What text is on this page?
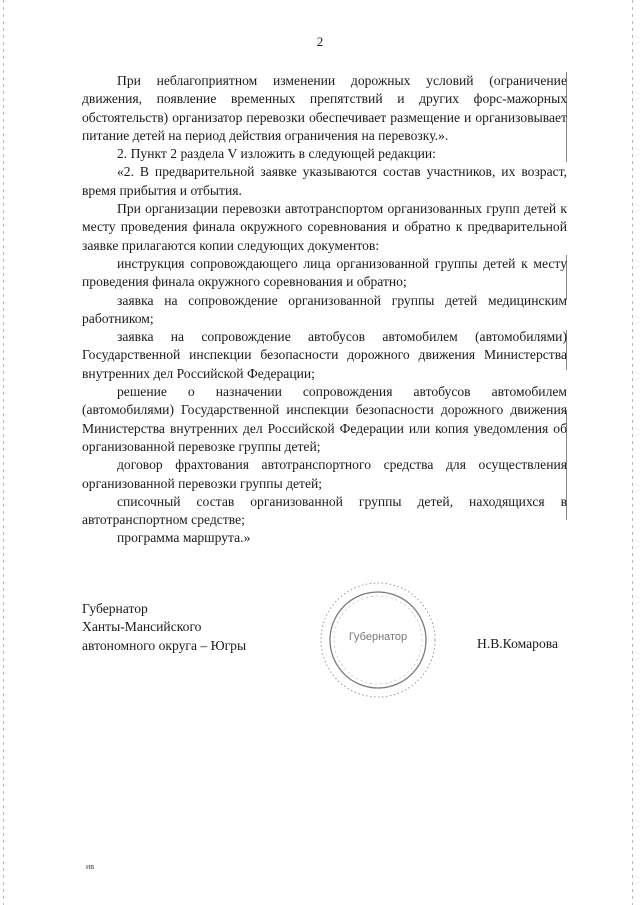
2

При неблагоприятном изменении дорожных условий (ограничение движения, появление временных препятствий и других форс-мажорных обстоятельств) организатор перевозки обеспечивает размещение и организовывает питание детей на период действия ограничения на перевозку.».

2. Пункт 2 раздела V изложить в следующей редакции:

«2. В предварительной заявке указываются состав участников, их возраст, время прибытия и отбытия.

При организации перевозки автотранспортом организованных групп детей к месту проведения финала окружного соревнования и обратно к предварительной заявке прилагаются копии следующих документов:

инструкция сопровождающего лица организованной группы детей к месту проведения финала окружного соревнования и обратно;

заявка на сопровождение организованной группы детей медицинским работником;

заявка на сопровождение автобусов автомобилем (автомобилями) Государственной инспекции безопасности дорожного движения Министерства внутренних дел Российской Федерации;

решение о назначении сопровождения автобусов автомобилем (автомобилями) Государственной инспекции безопасности дорожного движения Министерства внутренних дел Российской Федерации или копия уведомления об организованной перевозке группы детей;

договор фрахтования автотранспортного средства для осуществления организованной перевозки группы детей;

списочный состав организованной группы детей, находящихся в автотранспортном средстве;

программа маршрута.»

Губернатор
Ханты-Мансийского
автономного округа – Югры
Губернатор	Н.В.Комарова
ив
